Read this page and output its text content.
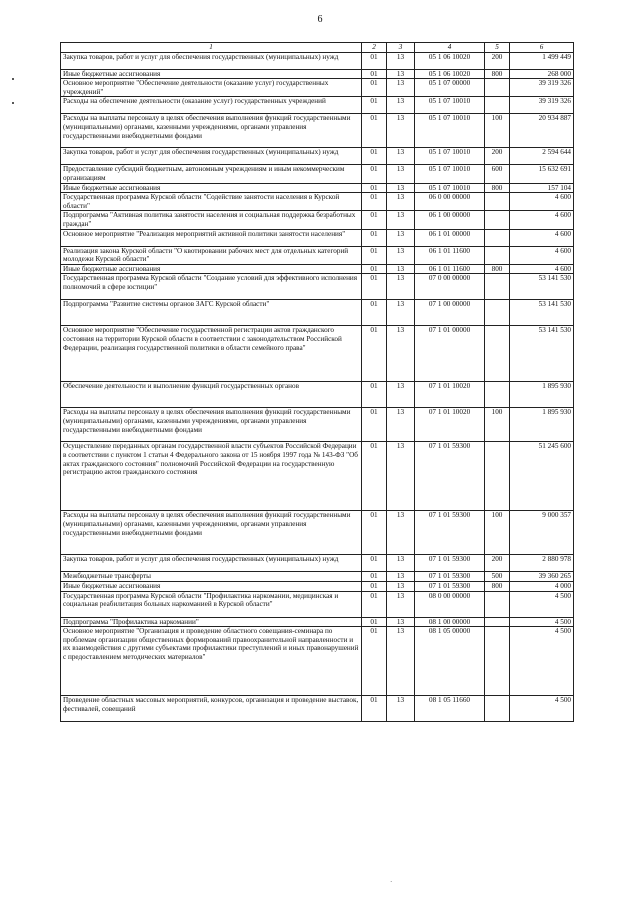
6
1	2	3	4	5	6
Закупка товаров, работ и услуг для обеспечения государственных (муниципальных) нужд	01	13	05 1 06 10020	200	1 499 449
Иные бюджетные ассигнования	01	13	05 1 06 10020	800	268 000
Основное мероприятие "Обеспечение деятельности (оказание услуг) государственных учреждений"	01	13	05 1 07 00000		39 319 326
Расходы на обеспечение деятельности (оказание услуг) государственных учреждений	01	13	05 1 07 10010		39 319 326
Расходы на выплаты персоналу в целях обеспечения выполнения функций государственными (муниципальными) органами, казенными учреждениями, органами управления государственными внебюджетными фондами	01	13	05 1 07 10010	100	20 934 887
Закупка товаров, работ и услуг для обеспечения государственных (муниципальных) нужд	01	13	05 1 07 10010	200	2 594 644
Предоставление субсидий бюджетным, автономным учреждениям и иным некоммерческим организациям	01	13	05 1 07 10010	600	15 632 691
Иные бюджетные ассигнования	01	13	05 1 07 10010	800	157 104
Государственная программа Курской области "Содействие занятости населения в Курской области"	01	13	06 0 00 00000		4 600
Подпрограмма "Активная политика занятости населения и социальная поддержка безработных граждан"	01	13	06 1 00 00000		4 600
Основное мероприятие "Реализация мероприятий активной политики занятости населения"	01	13	06 1 01 00000		4 600
Реализация закона Курской области "О квотировании рабочих мест для отдельных категорий молодежи Курской области"	01	13	06 1 01 11600		4 600
Иные бюджетные ассигнования	01	13	06 1 01 11600	800	4 600
Государственная программа Курской области "Создание условий для эффективного исполнения полномочий в сфере юстиции"	01	13	07 0 00 00000		53 141 530
Подпрограмма "Развитие системы органов ЗАГС Курской области"	01	13	07 1 00 00000		53 141 530
Основное мероприятие "Обеспечение государственной регистрации актов гражданского состояния на территории Курской области в соответствии с законодательством Российской Федерации, реализация государственной политики в области семейного права"	01	13	07 1 01 00000		53 141 530
Обеспечение деятельности и выполнение функций государственных органов	01	13	07 1 01 10020		1 895 930
Расходы на выплаты персоналу в целях обеспечения выполнения функций государственными (муниципальными) органами, казенными учреждениями, органами управления государственными внебюджетными фондами	01	13	07 1 01 10020	100	1 895 930
Осуществление переданных органам государственной власти субъектов Российской Федерации в соответствии с пунктом 1 статьи 4 Федерального закона от 15 ноября 1997 года № 143-ФЗ "Об актах гражданского состояния" полномочий Российской Федерации на государственную регистрацию актов гражданского состояния	01	13	07 1 01 59300		51 245 600
Расходы на выплаты персоналу в целях обеспечения выполнения функций государственными (муниципальными) органами, казенными учреждениями, органами управления государственными внебюджетными фондами	01	13	07 1 01 59300	100	9 000 357
Закупка товаров, работ и услуг для обеспечения государственных (муниципальных) нужд	01	13	07 1 01 59300	200	2 880 978
Межбюджетные трансферты	01	13	07 1 01 59300	500	39 360 265
Иные бюджетные ассигнования	01	13	07 1 01 59300	800	4 000
Государственная программа Курской области "Профилактика наркомании, медицинская и социальная реабилитация больных наркоманией в Курской области"	01	13	08 0 00 00000		4 500
Подпрограмма "Профилактика наркомании"	01	13	08 1 00 00000		4 500
Основное мероприятие "Организация и проведение областного совещания-семинара по проблемам организации общественных формирований правоохранительной направленности и их взаимодействия с другими субъектами профилактики преступлений и иных правонарушений с предоставлением методических материалов"	01	13	08 1 05 00000		4 500
Проведение областных массовых мероприятий, конкурсов, организация и проведение выставок, фестивалей, совещаний	01	13	08 1 05 11660		4 500
·
